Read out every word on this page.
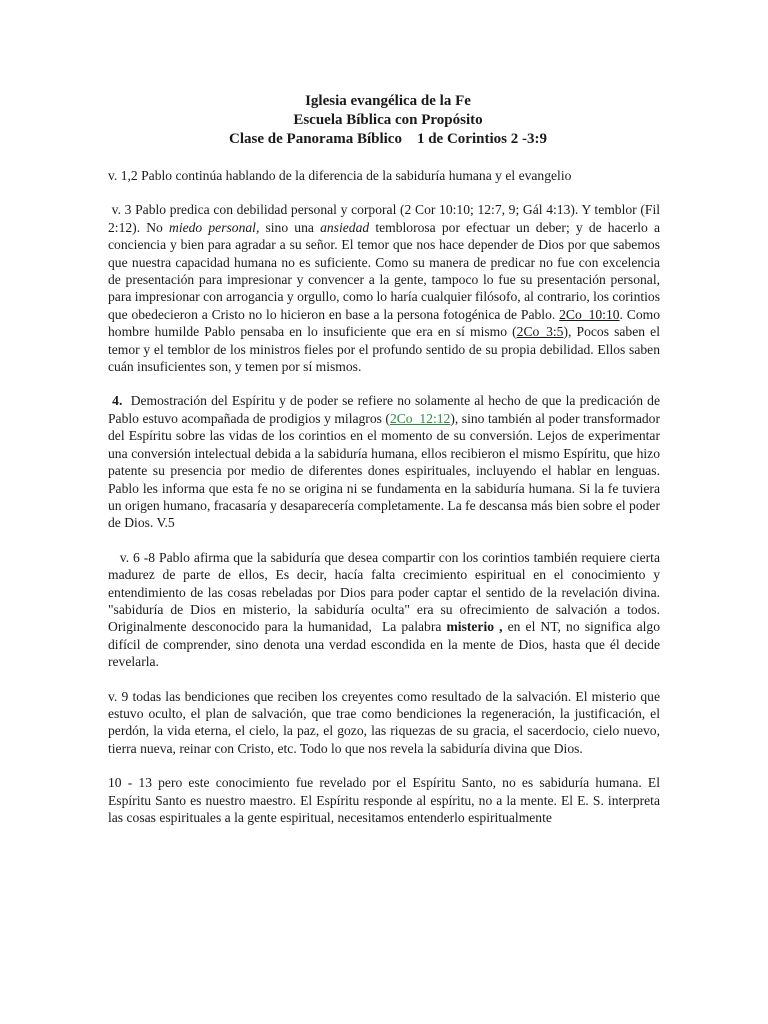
Iglesia evangélica de la Fe
Escuela Bíblica con Propósito
Clase de Panorama Bíblico    1 de Corintios 2 -3:9

v. 1,2 Pablo continúa hablando de la diferencia de la sabiduría humana y el evangelio

v. 3 Pablo predica con debilidad personal y corporal (2 Cor 10:10; 12:7, 9; Gál 4:13). Y temblor (Fil 2:12). No miedo personal, sino una ansiedad temblorosa por efectuar un deber; y de hacerlo a conciencia y bien para agradar a su señor. El temor que nos hace depender de Dios por que sabemos que nuestra capacidad humana no es suficiente. Como su manera de predicar no fue con excelencia de presentación para impresionar y convencer a la gente, tampoco lo fue su presentación personal, para impresionar con arrogancia y orgullo, como lo haría cualquier filósofo, al contrario, los corintios que obedecieron a Cristo no lo hicieron en base a la persona fotogénica de Pablo. 2Co_10:10. Como hombre humilde Pablo pensaba en lo insuficiente que era en sí mismo (2Co_3:5), Pocos saben el temor y el temblor de los ministros fieles por el profundo sentido de su propia debilidad. Ellos saben cuán insuficientes son, y temen por sí mismos.

4.  Demostración del Espíritu y de poder se refiere no solamente al hecho de que la predicación de Pablo estuvo acompañada de prodigios y milagros (2Co_12:12), sino también al poder transformador del Espíritu sobre las vidas de los corintios en el momento de su conversión. Lejos de experimentar una conversión intelectual debida a la sabiduría humana, ellos recibieron el mismo Espíritu, que hizo patente su presencia por medio de diferentes dones espirituales, incluyendo el hablar en lenguas. Pablo les informa que esta fe no se origina ni se fundamenta en la sabiduría humana. Si la fe tuviera un origen humano, fracasaría y desaparecería completamente. La fe descansa más bien sobre el poder de Dios. V.5

v. 6 -8 Pablo afirma que la sabiduría que desea compartir con los corintios también requiere cierta madurez de parte de ellos, Es decir, hacía falta crecimiento espiritual en el conocimiento y entendimiento de las cosas rebeladas por Dios para poder captar el sentido de la revelación divina.   "sabiduría de Dios en misterio, la sabiduría oculta" era su ofrecimiento de salvación a todos. Originalmente desconocido para la humanidad,  La palabra misterio , en el NT, no significa algo difícil de comprender, sino denota una verdad escondida en la mente de Dios, hasta que él decide revelarla.

v. 9 todas las bendiciones que reciben los creyentes como resultado de la salvación. El misterio que estuvo oculto, el plan de salvación, que trae como bendiciones la regeneración, la justificación, el perdón, la vida eterna, el cielo, la paz, el gozo, las riquezas de su gracia, el sacerdocio, cielo nuevo, tierra nueva, reinar con Cristo, etc. Todo lo que nos revela la sabiduría divina que Dios.

10 - 13 pero este conocimiento fue revelado por el Espíritu Santo, no es sabiduría humana. El Espíritu Santo es nuestro maestro. El Espíritu responde al espíritu, no a la mente. El E. S. interpreta las cosas espirituales a la gente espiritual, necesitamos entenderlo espiritualmente
